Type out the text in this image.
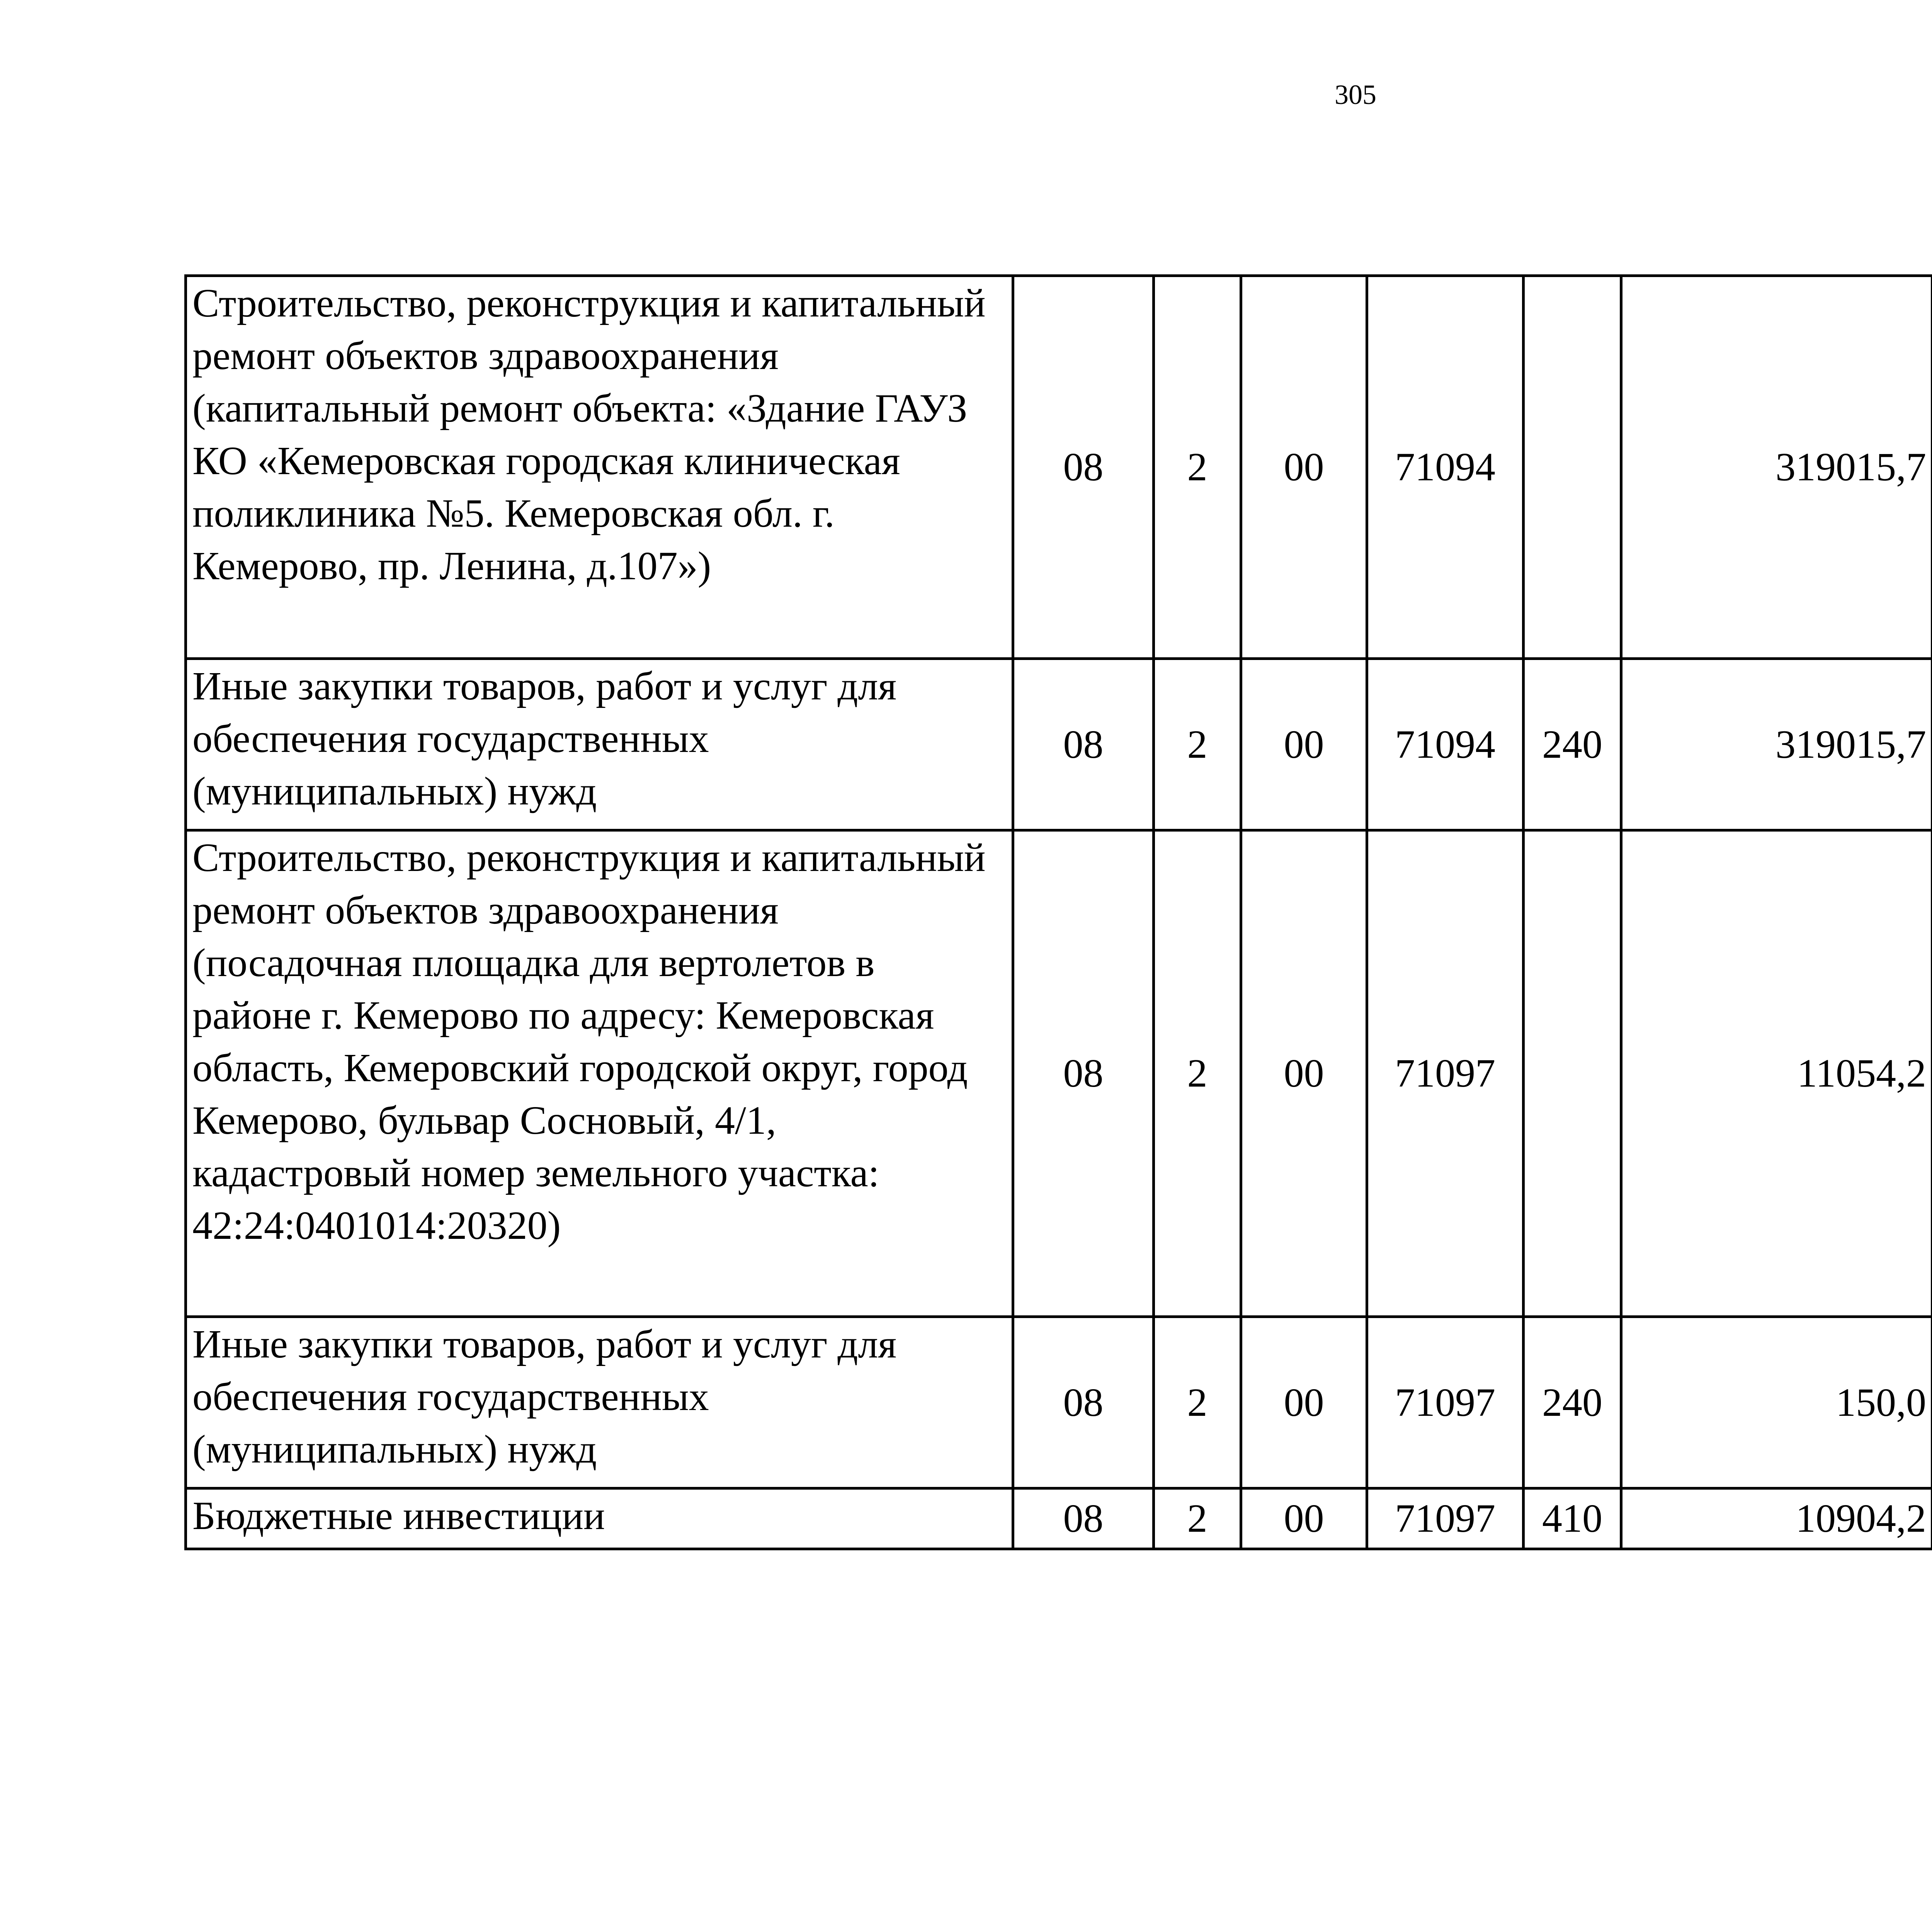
305
Строительство, реконструкция и капитальный ремонт объектов здравоохранения (капитальный ремонт объекта: «Здание ГАУЗ КО «Кемеровская городская клиническая поликлиника №5. Кемеровская обл. г. Кемерово, пр. Ленина, д.107»)	08	2	00	71094		319015,7		
Иные закупки товаров, работ и услуг для обеспечения государственных (муниципальных) нужд	08	2	00	71094	240	319015,7		
Строительство, реконструкция и капитальный ремонт объектов здравоохранения (посадочная площадка для вертолетов в районе г. Кемерово по адресу: Кемеровская область, Кемеровский городской округ, город Кемерово, бульвар Сосновый, 4/1, кадастровый номер земельного участка: 42:24:0401014:20320)	08	2	00	71097		11054,2		
Иные закупки товаров, работ и услуг для обеспечения государственных (муниципальных) нужд	08	2	00	71097	240	150,0		
Бюджетные инвестиции	08	2	00	71097	410	10904,2		
